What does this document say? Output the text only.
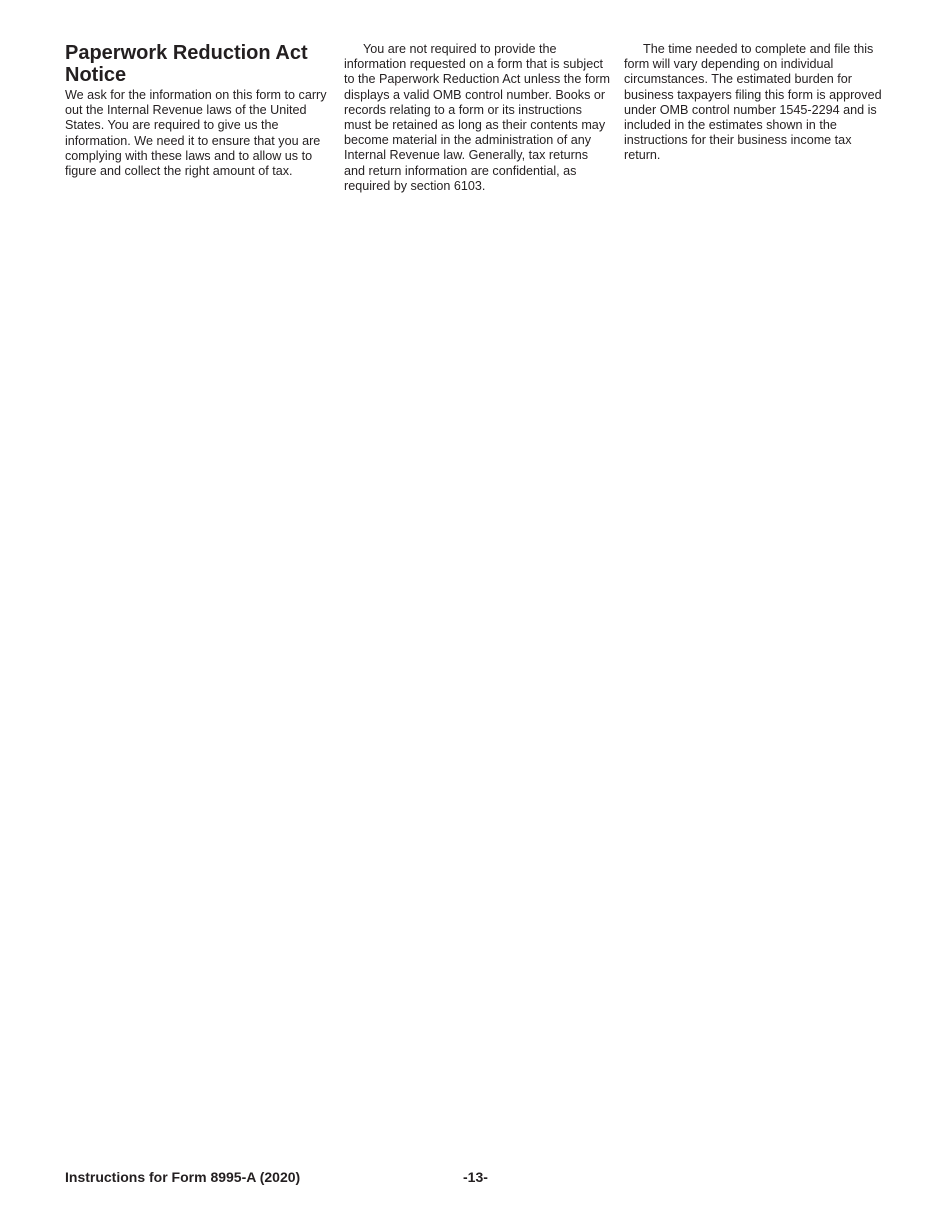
Paperwork Reduction Act Notice

We ask for the information on this form to carry out the Internal Revenue laws of the United States. You are required to give us the information. We need it to ensure that you are complying with these laws and to allow us to figure and collect the right amount of tax.

You are not required to provide the information requested on a form that is subject to the Paperwork Reduction Act unless the form displays a valid OMB control number. Books or records relating to a form or its instructions must be retained as long as their contents may become material in the administration of any Internal Revenue law. Generally, tax returns and return information are confidential, as required by section 6103.

The time needed to complete and file this form will vary depending on individual circumstances. The estimated burden for business taxpayers filing this form is approved under OMB control number 1545-2294 and is included in the estimates shown in the instructions for their business income tax return.

Instructions for Form 8995-A (2020)	-13-
